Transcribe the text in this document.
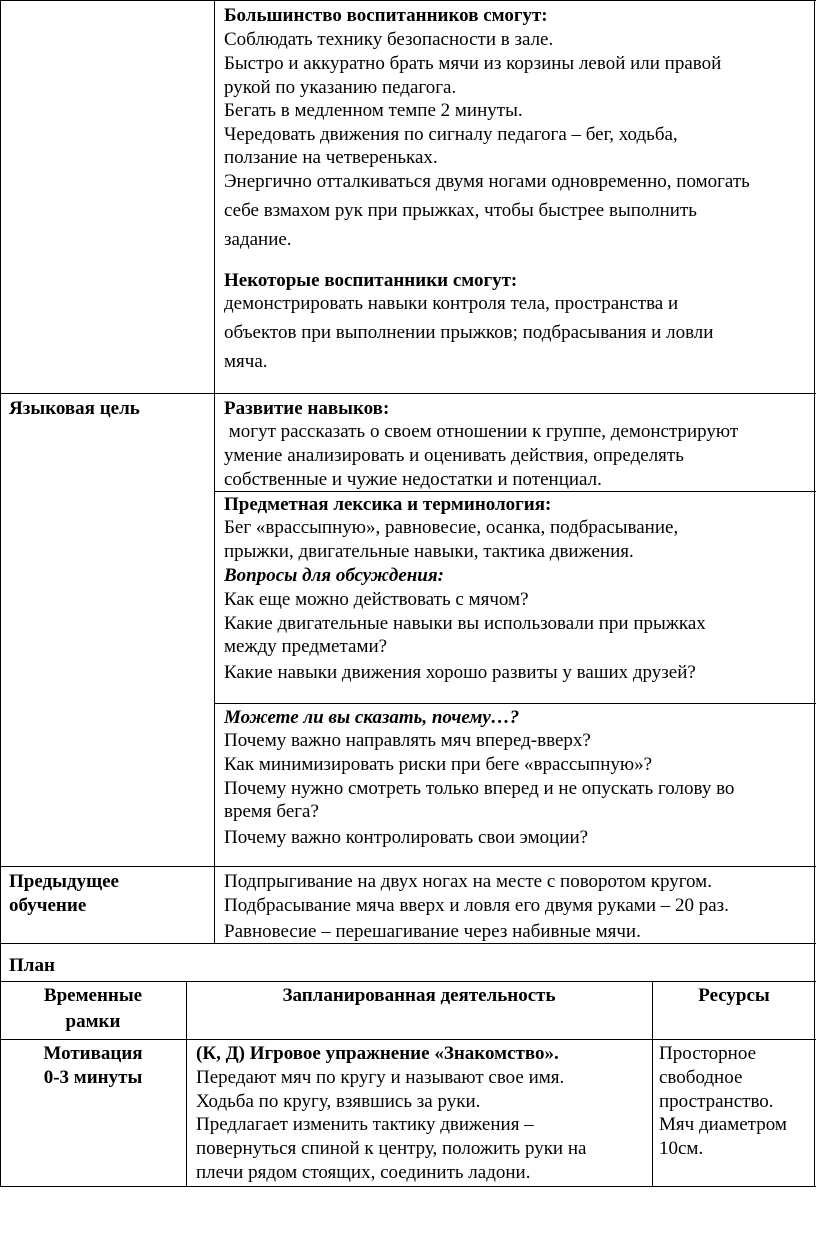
Большинство воспитанников смогут:
Соблюдать технику безопасности в зале.
Быстро и аккуратно брать мячи из корзины левой или правой
рукой по указанию педагога.
Бегать в медленном темпе 2 минуты.
Чередовать движения по сигналу педагога – бег, ходьба,
ползание на четвереньках.
Энергично отталкиваться двумя ногами одновременно, помогать
себе взмахом рук при прыжках, чтобы быстрее выполнить
задание.
Некоторые воспитанники смогут:
демонстрировать навыки контроля тела, пространства и
объектов при выполнении прыжков; подбрасывания и ловли
мяча.
Языковая цель	Развитие навыков:
могут рассказать о своем отношении к группе, демонстрируют
умение анализировать и оценивать действия, определять
собственные и чужие недостатки и потенциал.
Предметная лексика и терминология:
Бег «врассыпную», равновесие, осанка, подбрасывание,
прыжки, двигательные навыки, тактика движения.
Вопросы для обсуждения:
Как еще можно действовать с мячом?
Какие двигательные навыки вы использовали при прыжках
между предметами?
Какие навыки движения хорошо развиты у ваших друзей?
Можете ли вы сказать, почему…?
Почему важно направлять мяч вперед-вверх?
Как минимизировать риски при беге «врассыпную»?
Почему нужно смотреть только вперед и не опускать голову во
время бега?
Почему важно контролировать свои эмоции?
Предыдущее
обучение
Подпрыгивание на двух ногах на месте с поворотом кругом.
Подбрасывание мяча вверх и ловля его двумя руками – 20 раз.
Равновесие – перешагивание через набивные мячи.
План
Временные
рамки
Запланированная деятельность	Ресурсы
Мотивация
0-3 минуты
(К, Д) Игровое упражнение «Знакомство».
Передают мяч по кругу и называют свое имя.
Ходьба по кругу, взявшись за руки.
Предлагает изменить тактику движения –
повернуться спиной к центру, положить руки на
плечи рядом стоящих, соединить ладони.
Просторное
свободное
пространство.
Мяч диаметром
10см.
